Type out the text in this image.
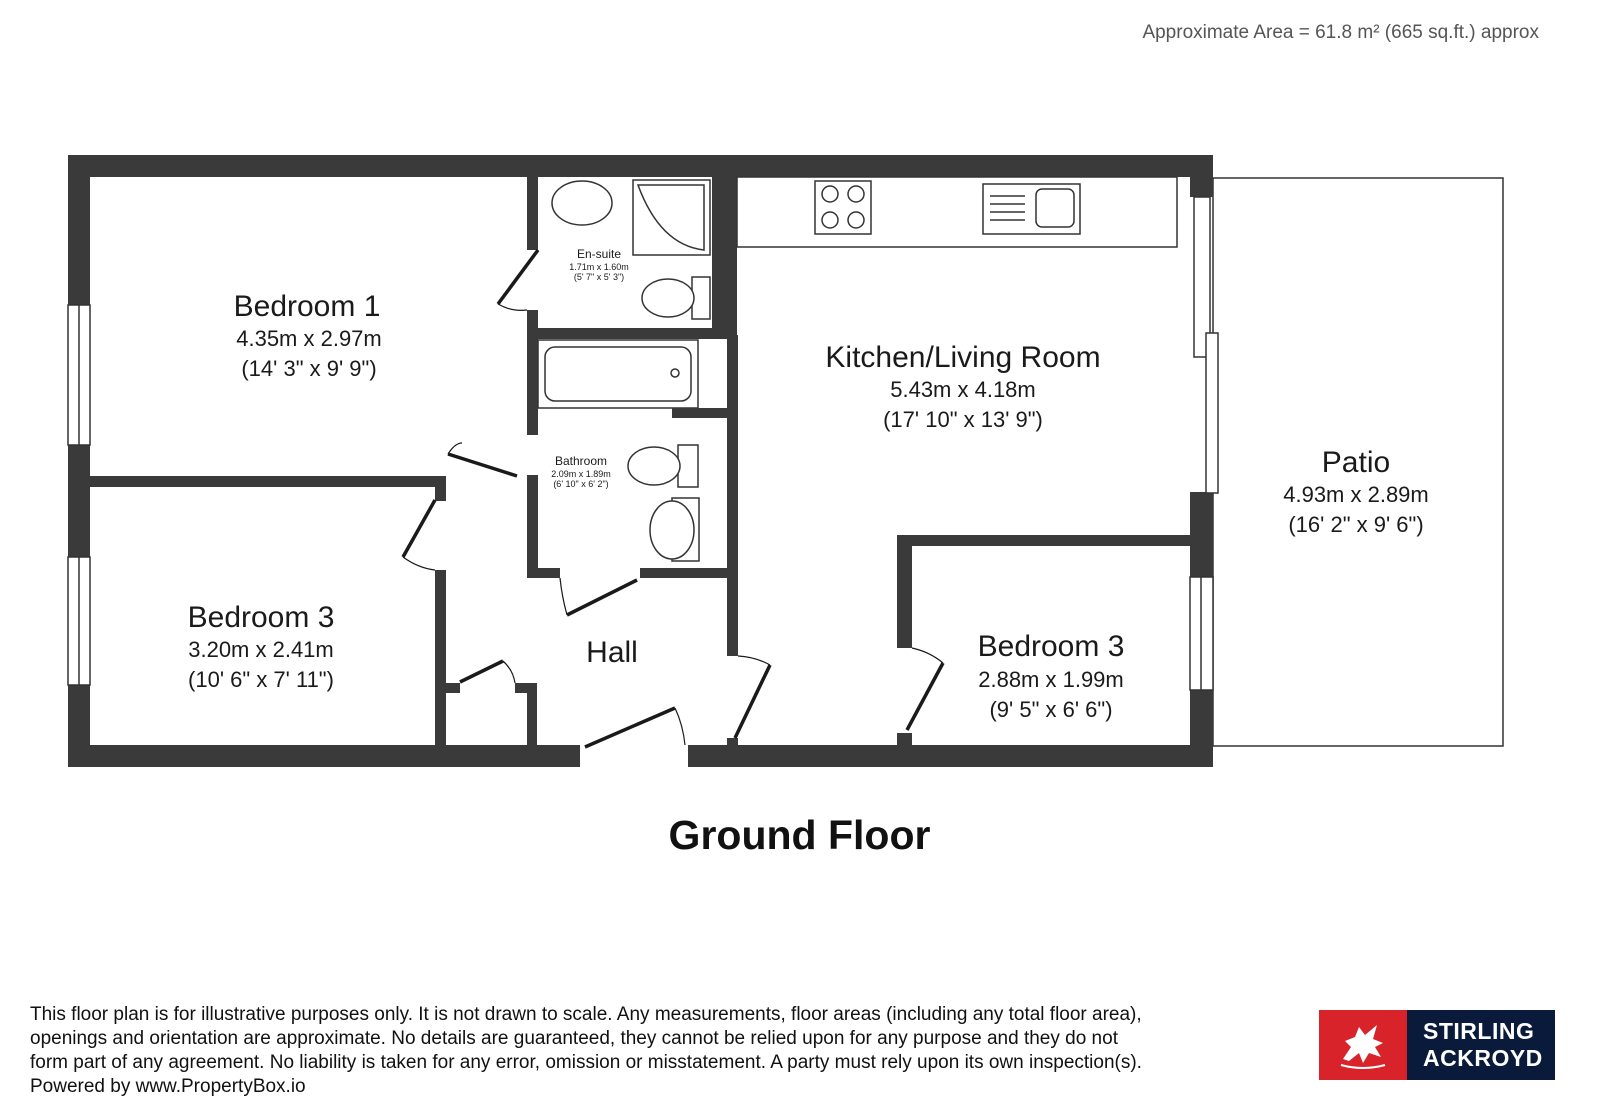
Approximate Area = 61.8 m² (665 sq.ft.) approx
Bedroom 1
4.35m x 2.97m
(14' 3" x 9' 9")
Bedroom 3
3.20m x 2.41m
(10' 6" x 7' 11")
En-suite
1.71m x 1.60m
(5' 7" x 5' 3")
Bathroom
2.09m x 1.89m
(6' 10" x 6' 2")
Kitchen/Living Room
5.43m x 4.18m
(17' 10" x 13' 9")
Hall	Bedroom 3
2.88m x 1.99m
(9' 5" x 6' 6")
Patio
4.93m x 2.89m
(16' 2" x 9' 6")
Ground Floor
This floor plan is for illustrative purposes only. It is not drawn to scale. Any measurements, floor areas (including any total floor area),
openings and orientation are approximate. No details are guaranteed, they cannot be relied upon for any purpose and they do not
form part of any agreement. No liability is taken for any error, omission or misstatement. A party must rely upon its own inspection(s).
Powered by www.PropertyBox.io
STIRLING
ACKROYD
